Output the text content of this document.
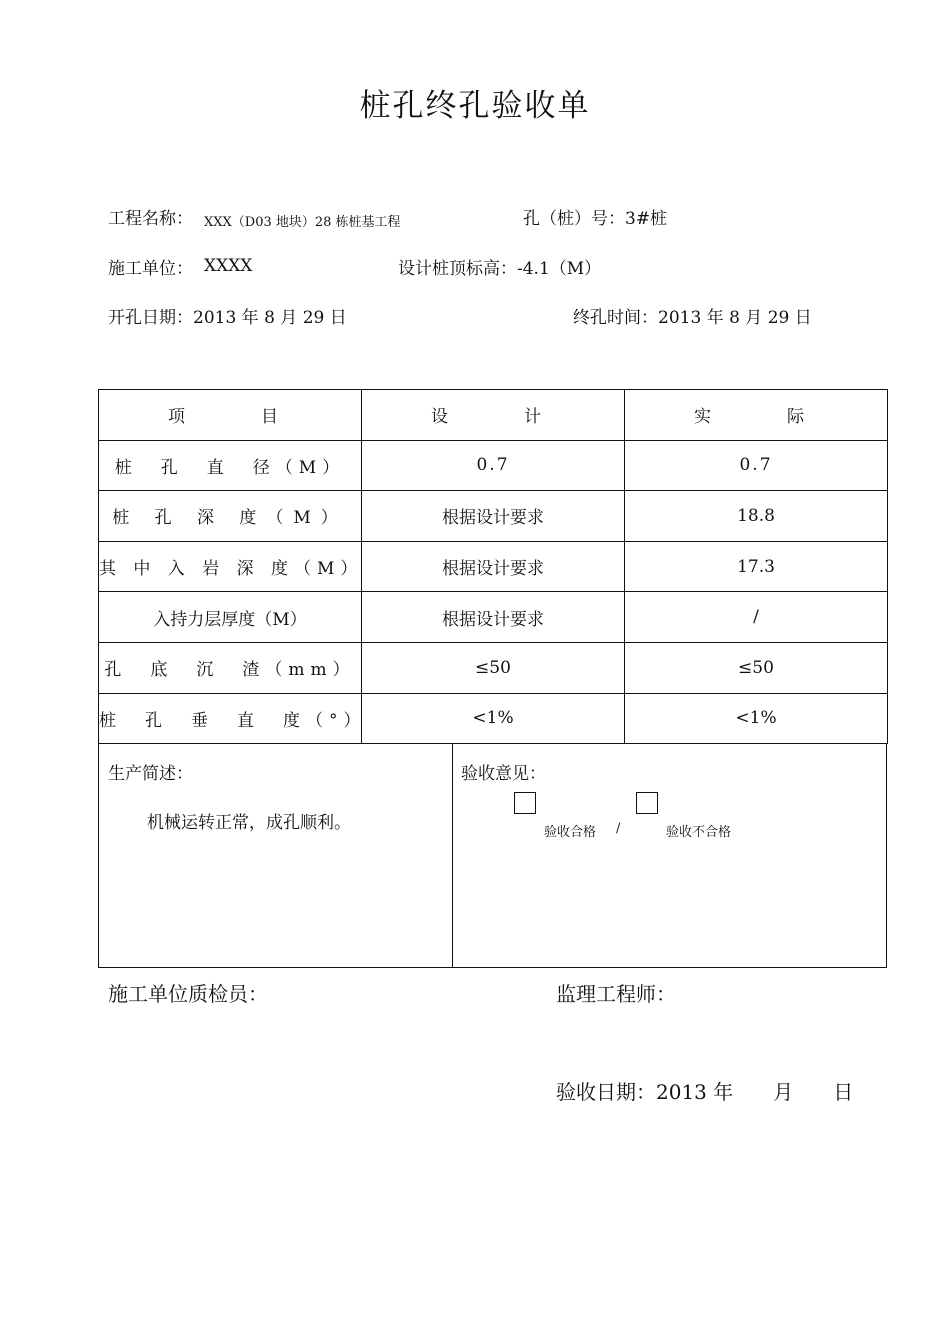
桩孔终孔验收单
工程名称： XXX（D03 地块）28 栋桩基工程	孔（桩）号：3#桩
施工单位： XXXX	设计桩顶标高：-4.1（M）
开孔日期：2013 年 8 月 29 日	终孔时间：2013 年 8 月 29 日
项　　目	设　　计	实　　际
桩　孔　直　径（M）	0.7	0.7
桩 孔 深 度（M）	根据设计要求	18.8
其 中 入 岩 深 度（M）	根据设计要求	17.3
入持力层厚度（M）	根据设计要求	/
孔　底　沉　渣（mm）	≤50	≤50
桩　孔　垂　直　度（°）	<1%	<1%
生产简述：
机械运转正常，成孔顺利。
验收意见：
验收合格 /	验收不合格
施工单位质检员：	监理工程师：
验收日期：2013 年　　月　　日
